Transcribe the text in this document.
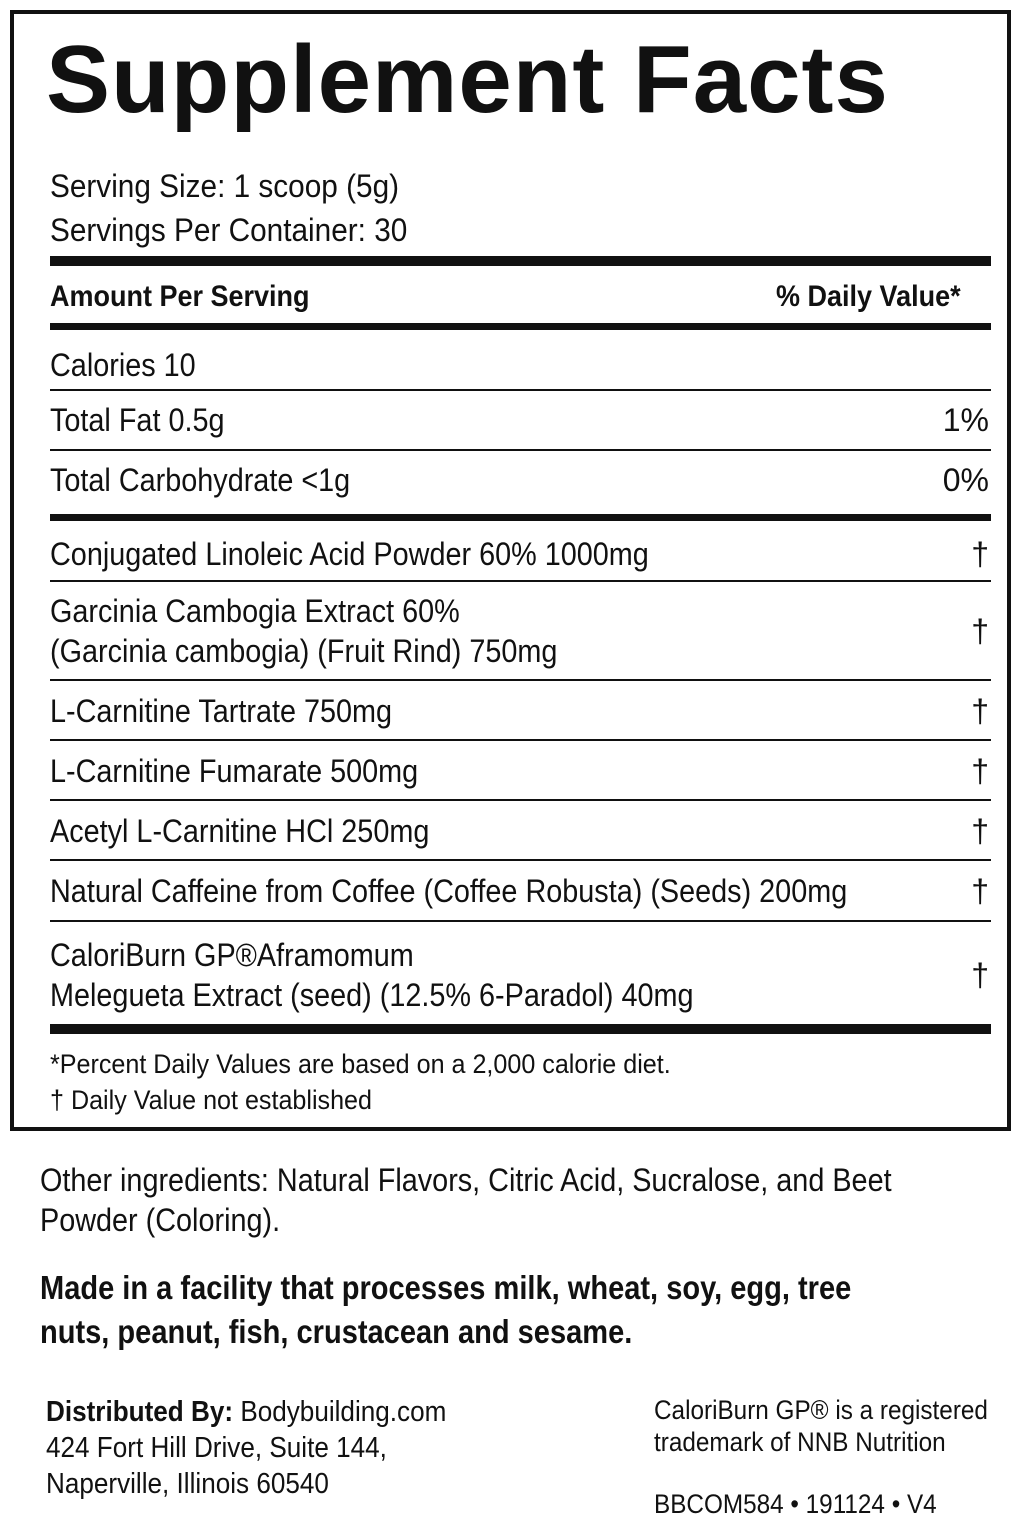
Supplement Facts
Serving Size: 1 scoop (5g)
Servings Per Container: 30
Amount Per Serving	% Daily Value*
Calories 10
Total Fat 0.5g	1%
Total Carbohydrate <1g	0%
Conjugated Linoleic Acid Powder 60% 1000mg	†
Garcinia Cambogia Extract 60%
(Garcinia cambogia) (Fruit Rind) 750mg
†
L-Carnitine Tartrate 750mg	†
L-Carnitine Fumarate 500mg	†
Acetyl L-Carnitine HCl 250mg	†
Natural Caffeine from Coffee (Coffee Robusta) (Seeds) 200mg	†
CaloriBurn GP®Aframomum
Melegueta Extract (seed) (12.5% 6-Paradol) 40mg
†
*Percent Daily Values are based on a 2,000 calorie diet.
† Daily Value not established
Other ingredients: Natural Flavors, Citric Acid, Sucralose, and Beet Powder (Coloring).
Made in a facility that processes milk, wheat, soy, egg, tree nuts, peanut, fish, crustacean and sesame.
Distributed By: Bodybuilding.com
424 Fort Hill Drive, Suite 144,
Naperville, Illinois 60540
CaloriBurn GP® is a registered
trademark of NNB Nutrition
BBCOM584 • 191124 • V4
